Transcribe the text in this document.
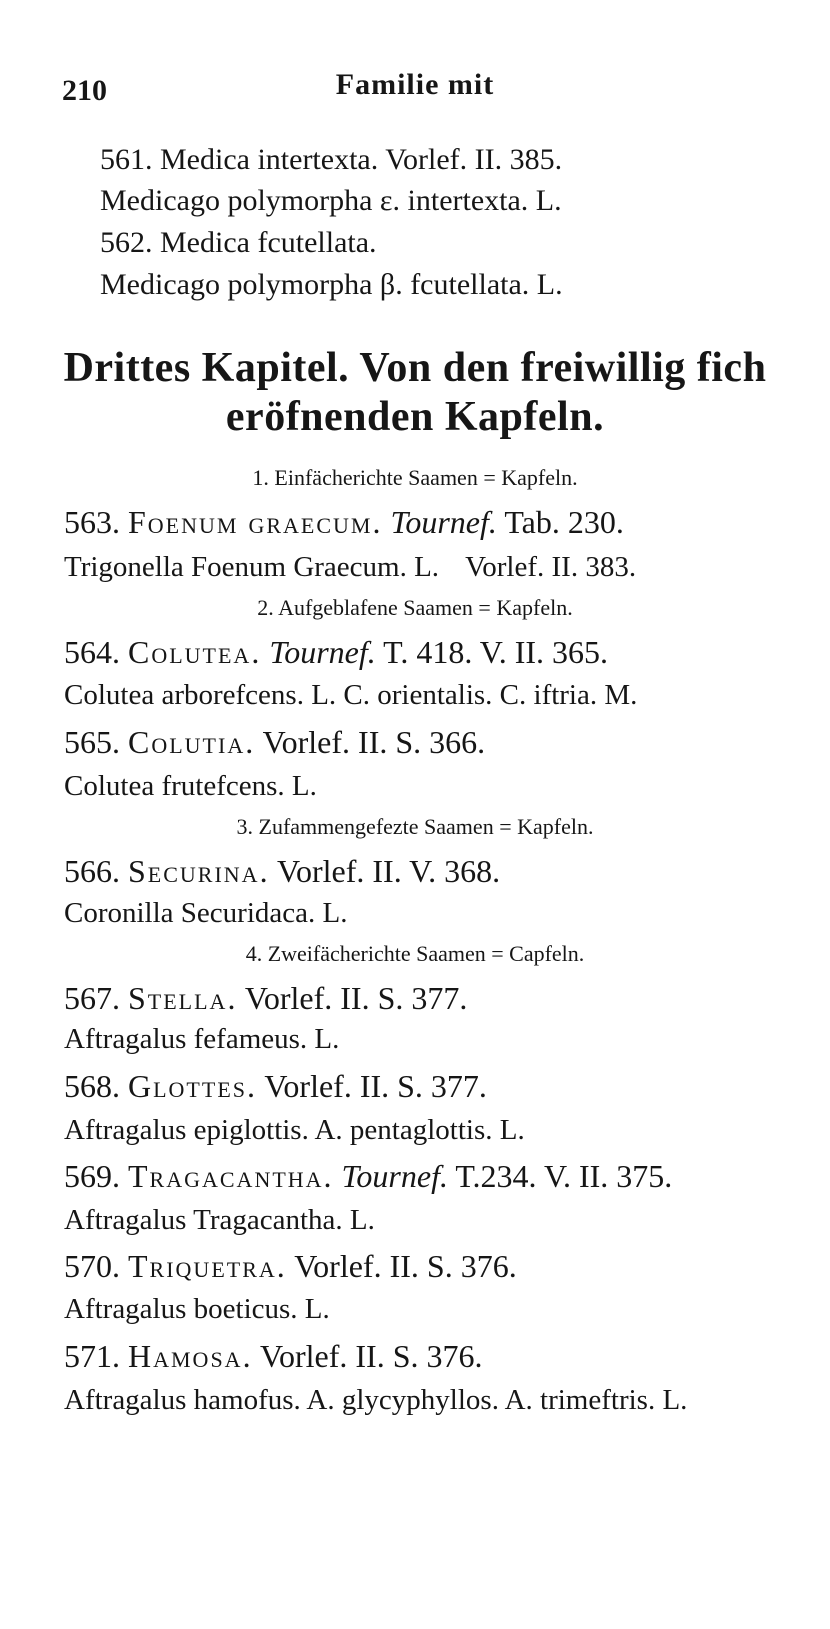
210	Familie mit
561. Medica intertexta. Vorlef. II. 385.
Medicago polymorpha ε. intertexta. L.
562. Medica fcutellata.
Medicago polymorpha β. fcutellata. L.
Drittes Kapitel. Von den freiwillig fich
eröfnenden Kapfeln.
1. Einfächerichte Saamen = Kapfeln.
563. Foenum graecum. Tournef. Tab. 230.
Trigonella Foenum Graecum. L. Vorlef. II. 383.
2. Aufgeblafene Saamen = Kapfeln.
564. Colutea. Tournef. T. 418. V. II. 365.
Colutea arborefcens. L. C. orientalis. C. iftria. M.
565. Colutia. Vorlef. II. S. 366.
Colutea frutefcens. L.
3. Zufammengefezte Saamen = Kapfeln.
566. Securina. Vorlef. II. V. 368.
Coronilla Securidaca. L.
4. Zweifächerichte Saamen = Capfeln.
567. Stella. Vorlef. II. S. 377.
Aftragalus fefameus. L.
568. Glottes. Vorlef. II. S. 377.
Aftragalus epiglottis. A. pentaglottis. L.
569. Tragacantha. Tournef. T.234. V. II. 375.
Aftragalus Tragacantha. L.
570. Triquetra. Vorlef. II. S. 376.
Aftragalus boeticus. L.
571. Hamosa. Vorlef. II. S. 376.
Aftragalus hamofus. A. glycyphyllos. A. trimeftris. L.
